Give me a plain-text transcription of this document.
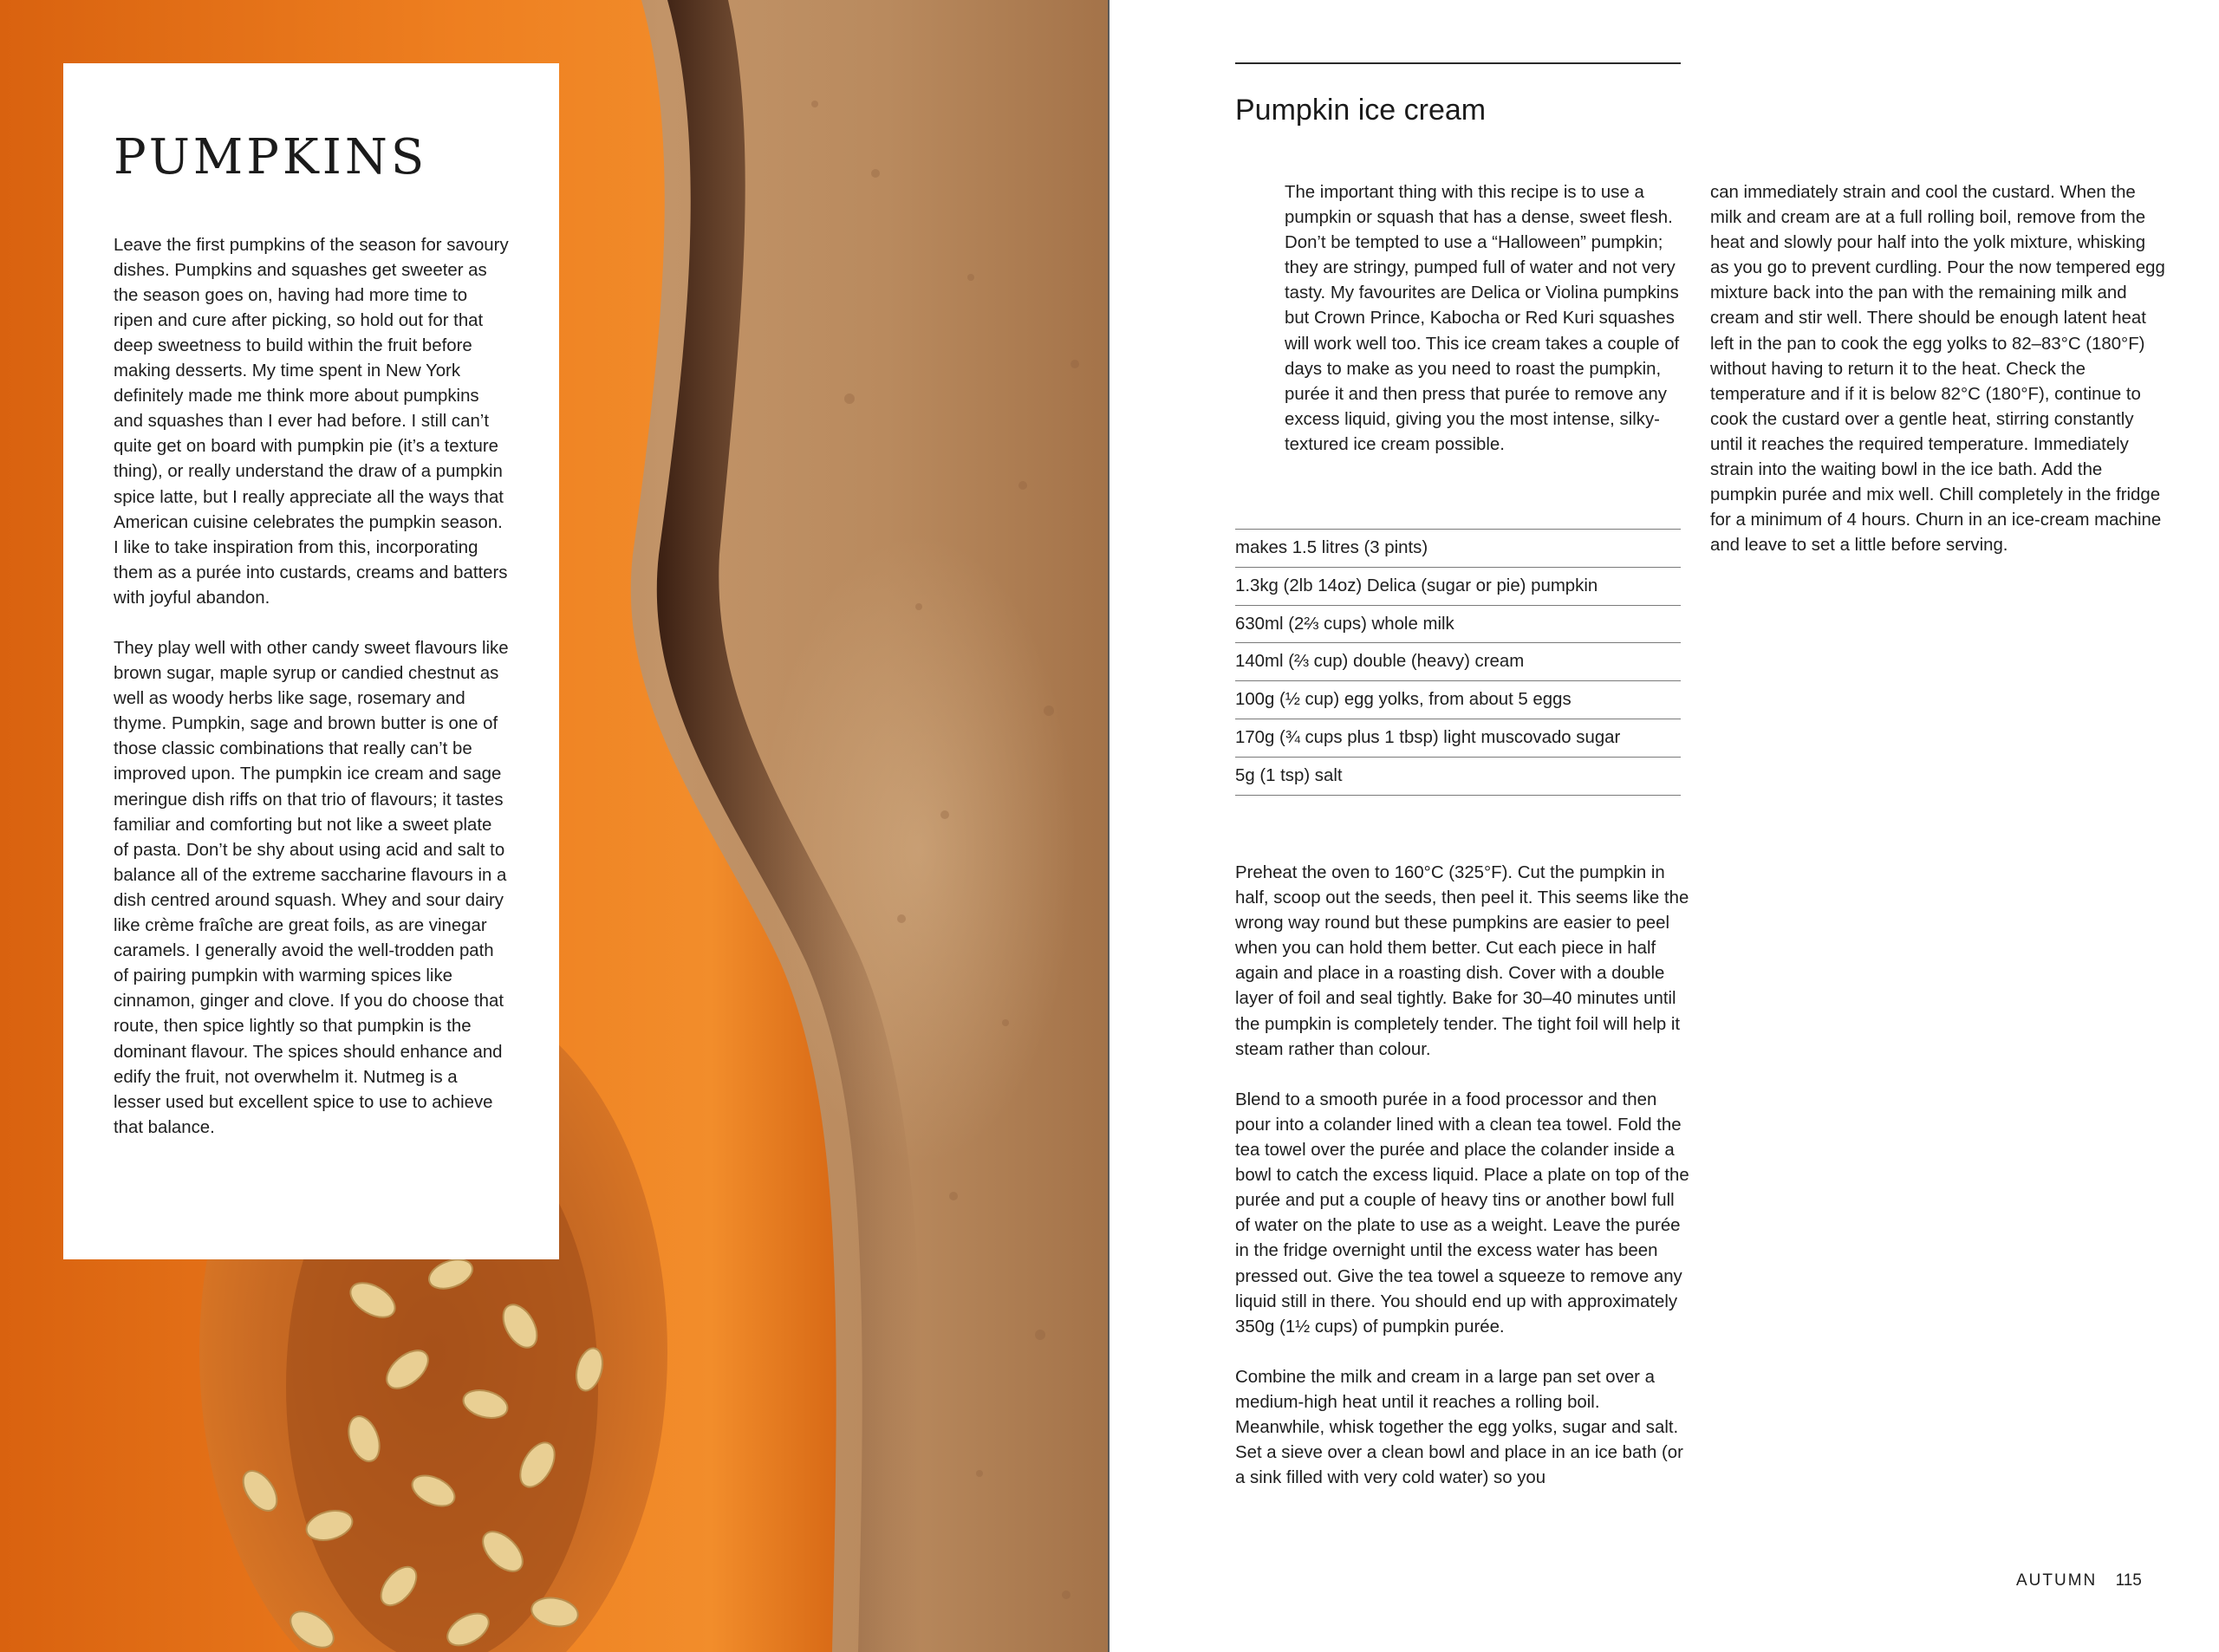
PUMPKINS

Leave the first pumpkins of the season for savoury dishes. Pumpkins and squashes get sweeter as the season goes on, having had more time to ripen and cure after picking, so hold out for that deep sweetness to build within the fruit before making desserts. My time spent in New York definitely made me think more about pumpkins and squashes than I ever had before. I still can’t quite get on board with pumpkin pie (it’s a texture thing), or really understand the draw of a pumpkin spice latte, but I really appreciate all the ways that American cuisine celebrates the pumpkin season. I like to take inspiration from this, incorporating them as a purée into custards, creams and batters with joyful abandon.

They play well with other candy sweet flavours like brown sugar, maple syrup or candied chestnut as well as woody herbs like sage, rosemary and thyme. Pumpkin, sage and brown butter is one of those classic combinations that really can’t be improved upon. The pumpkin ice cream and sage meringue dish riffs on that trio of flavours; it tastes familiar and comforting but not like a sweet plate of pasta. Don’t be shy about using acid and salt to balance all of the extreme saccharine flavours in a dish centred around squash. Whey and sour dairy like crème fraîche are great foils, as are vinegar caramels. I generally avoid the well-trodden path of pairing pumpkin with warming spices like cinnamon, ginger and clove. If you do choose that route, then spice lightly so that pumpkin is the dominant flavour. The spices should enhance and edify the fruit, not overwhelm it. Nutmeg is a lesser used but excellent spice to use to achieve that balance.

Pumpkin ice cream

The important thing with this recipe is to use a pumpkin or squash that has a dense, sweet flesh. Don’t be tempted to use a “Halloween” pumpkin; they are stringy, pumped full of water and not very tasty. My favourites are Delica or Violina pumpkins but Crown Prince, Kabocha or Red Kuri squashes will work well too. This ice cream takes a couple of days to make as you need to roast the pumpkin, purée it and then press that purée to remove any excess liquid, giving you the most intense, silky-textured ice cream possible.

makes 1.5 litres (3 pints)
1.3kg (2lb 14oz) Delica (sugar or pie) pumpkin
630ml (2⅔ cups) whole milk
140ml (⅔ cup) double (heavy) cream
100g (½ cup) egg yolks, from about 5 eggs
170g (¾ cups plus 1 tbsp) light muscovado sugar
5g (1 tsp) salt

Preheat the oven to 160°C (325°F). Cut the pumpkin in half, scoop out the seeds, then peel it. This seems like the wrong way round but these pumpkins are easier to peel when you can hold them better. Cut each piece in half again and place in a roasting dish. Cover with a double layer of foil and seal tightly. Bake for 30–40 minutes until the pumpkin is completely tender. The tight foil will help it steam rather than colour.

Blend to a smooth purée in a food processor and then pour into a colander lined with a clean tea towel. Fold the tea towel over the purée and place the colander inside a bowl to catch the excess liquid. Place a plate on top of the purée and put a couple of heavy tins or another bowl full of water on the plate to use as a weight. Leave the purée in the fridge overnight until the excess water has been pressed out. Give the tea towel a squeeze to remove any liquid still in there. You should end up with approximately 350g (1½ cups) of pumpkin purée.

Combine the milk and cream in a large pan set over a medium-high heat until it reaches a rolling boil. Meanwhile, whisk together the egg yolks, sugar and salt. Set a sieve over a clean bowl and place in an ice bath (or a sink filled with very cold water) so you

can immediately strain and cool the custard. When the milk and cream are at a full rolling boil, remove from the heat and slowly pour half into the yolk mixture, whisking as you go to prevent curdling. Pour the now tempered egg mixture back into the pan with the remaining milk and cream and stir well. There should be enough latent heat left in the pan to cook the egg yolks to 82–83°C (180°F) without having to return it to the heat. Check the temperature and if it is below 82°C (180°F), continue to cook the custard over a gentle heat, stirring constantly until it reaches the required temperature. Immediately strain into the waiting bowl in the ice bath. Add the pumpkin purée and mix well. Chill completely in the fridge for a minimum of 4 hours. Churn in an ice-cream machine and leave to set a little before serving.

AUTUMN 115
